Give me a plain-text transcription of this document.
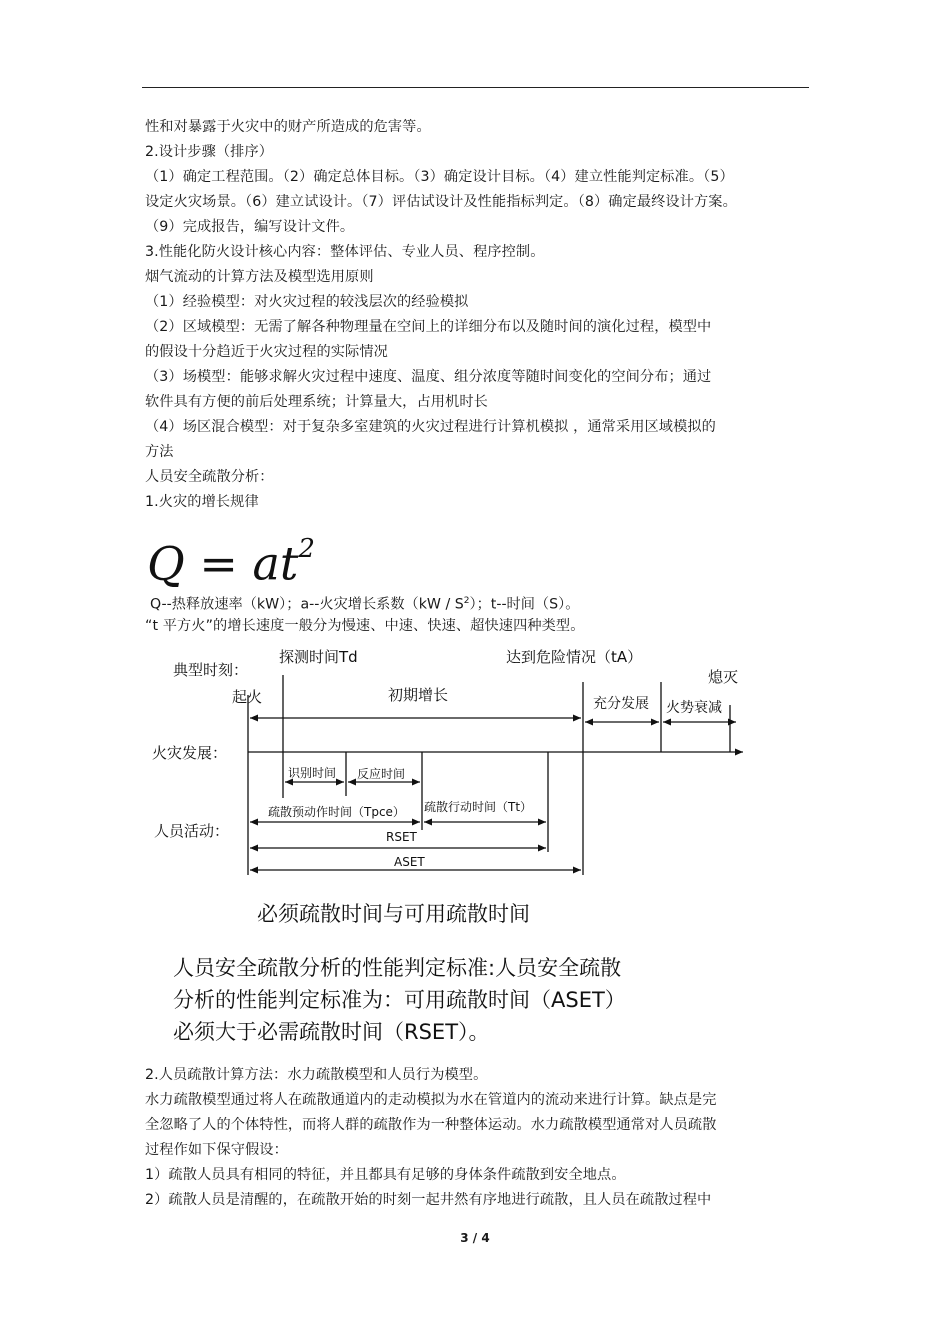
性和对暴露于火灾中的财产所造成的危害等。
2.设计步骤（排序）
（1）确定工程范围。（2）确定总体目标。（3）确定设计目标。（4）建立性能判定标准。（5）
设定火灾场景。（6）建立试设计。（7）评估试设计及性能指标判定。（8）确定最终设计方案。
（9）完成报告，编写设计文件。
3.性能化防火设计核心内容：整体评估、专业人员、程序控制。
烟气流动的计算方法及模型选用原则
（1）经验模型：对火灾过程的较浅层次的经验模拟
（2）区域模型：无需了解各种物理量在空间上的详细分布以及随时间的演化过程，模型中
的假设十分趋近于火灾过程的实际情况
（3）场模型：能够求解火灾过程中速度、温度、组分浓度等随时间变化的空间分布；通过
软件具有方便的前后处理系统；计算量大，占用机时长
（4）场区混合模型：对于复杂多室建筑的火灾过程进行计算机模拟 ，通常采用区域模拟的
方法
人员安全疏散分析：
1.火灾的增长规律
$Q = at^2$
Q--热释放速率（kW）；a--火灾增长系数$(kW / S^2)$；t--时间（S）。
“t 平方火”的增长速度一般分为慢速、中速、快速、超快速四种类型。
典型时刻：
探测时间Td	达到危险情况（tA）
熄灭
起火	初期增长	充分发展 火势衰减
火灾发展：
识别时间 反应时间
人员活动：
疏散预动作时间（Tpce） 疏散行动时间（Tt）
RSET
ASET
必须疏散时间与可用疏散时间
人员安全疏散分析的性能判定标准:人员安全疏散
分析的性能判定标准为：可用疏散时间（ASET）
必须大于必需疏散时间（RSET）。
2.人员疏散计算方法：水力疏散模型和人员行为模型。
水力疏散模型通过将人在疏散通道内的走动模拟为水在管道内的流动来进行计算。缺点是完
全忽略了人的个体特性，而将人群的疏散作为一种整体运动。水力疏散模型通常对人员疏散
过程作如下保守假设：
1）疏散人员具有相同的特征，并且都具有足够的身体条件疏散到安全地点。
2）疏散人员是清醒的，在疏散开始的时刻一起井然有序地进行疏散，且人员在疏散过程中
3 / 4
